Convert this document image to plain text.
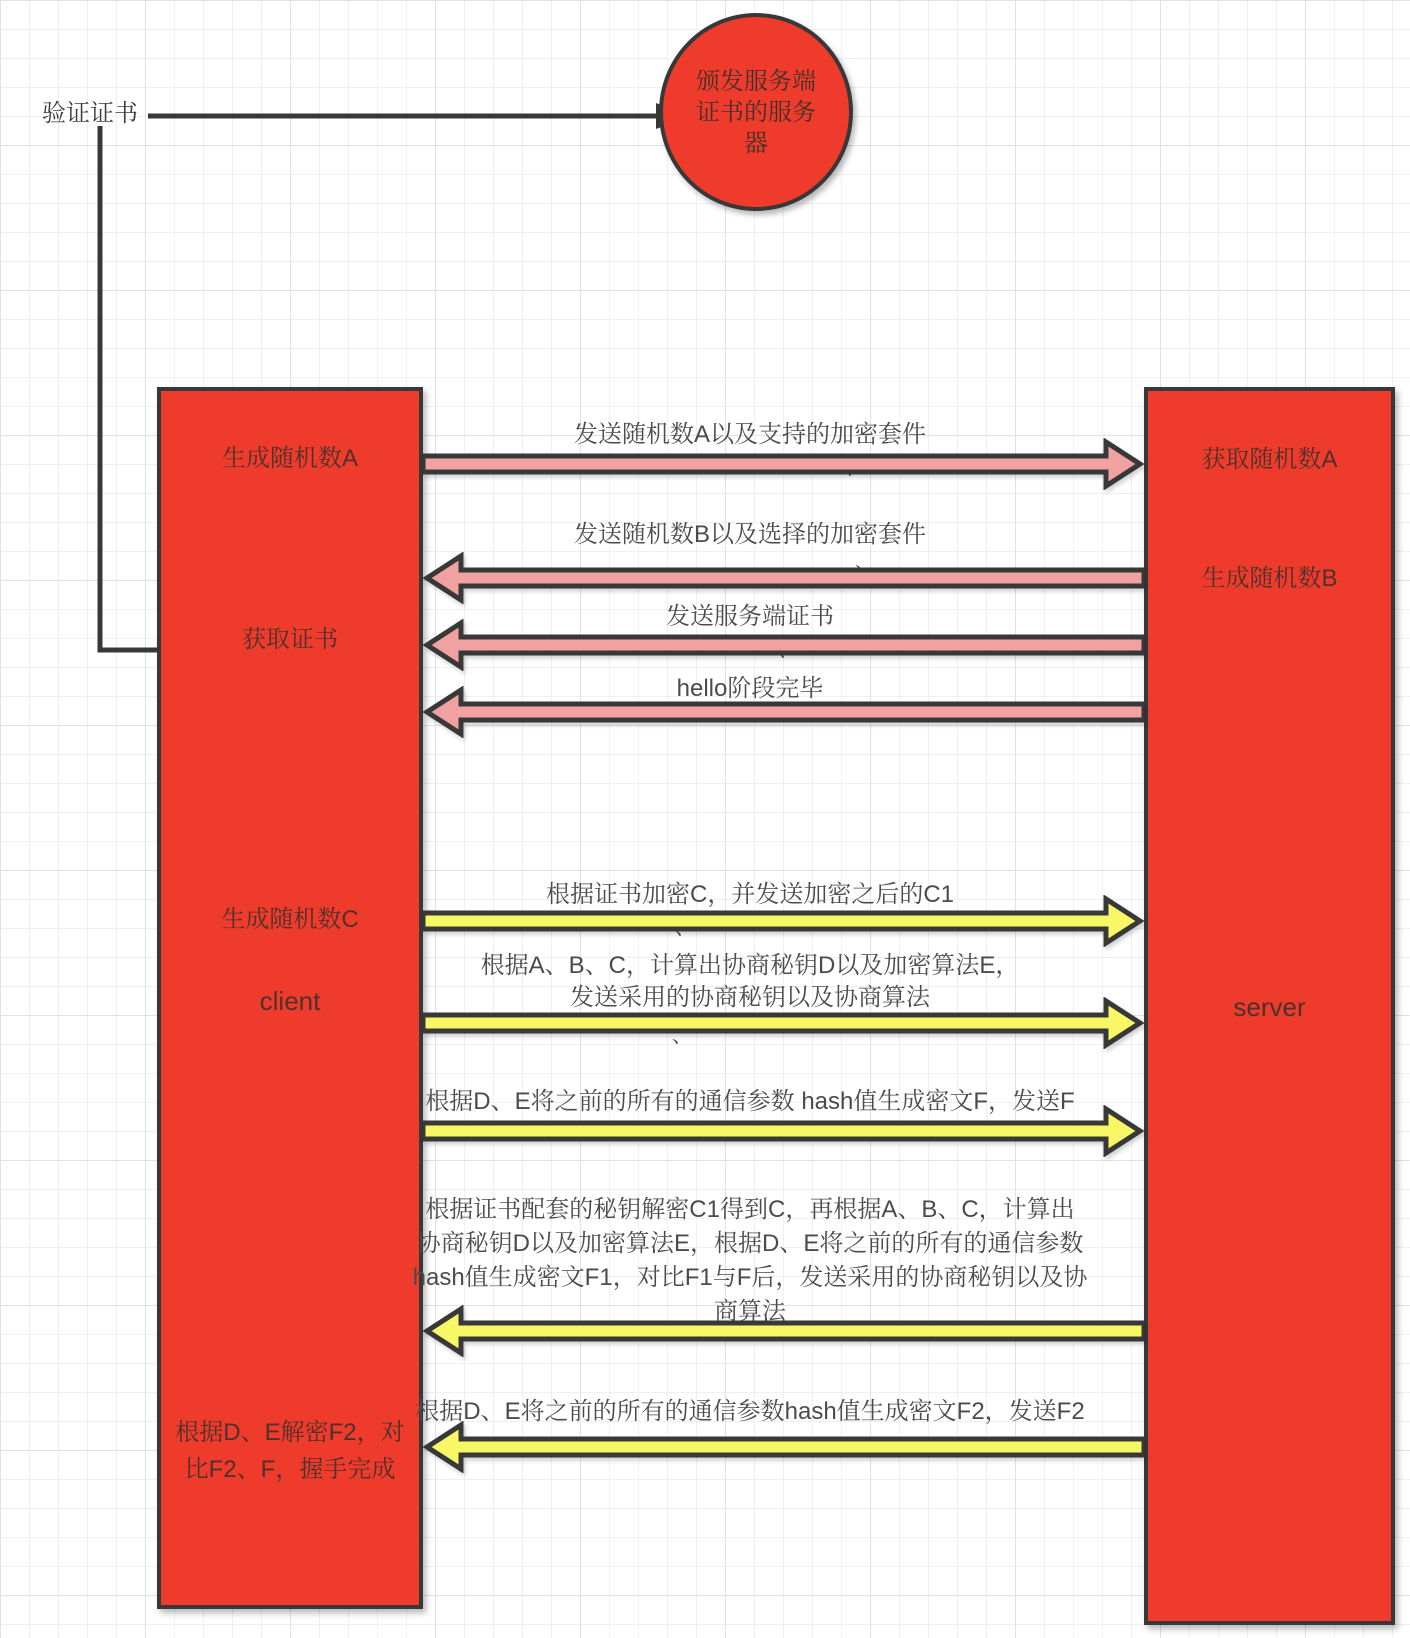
验证证书
颁发服务端
证书的服务
器
生成随机数A
获取证书
生成随机数C
client
根据D、E解密F2，对
比F2、F，握手完成
获取随机数A
生成随机数B
server
发送随机数A以及支持的加密套件
发送随机数B以及选择的加密套件
、
发送服务端证书
hello阶段完毕
根据证书加密C，并发送加密之后的C1
根据A、B、C，计算出协商秘钥D以及加密算法E，
发送采用的协商秘钥以及协商算法
、
根据D、E将之前的所有的通信参数 hash值生成密文F，发送F
根据证书配套的秘钥解密C1得到C，再根据A、B、C，计算出
协商秘钥D以及加密算法E，根据D、E将之前的所有的通信参数
hash值生成密文F1，对比F1与F后，发送采用的协商秘钥以及协
商算法
根据D、E将之前的所有的通信参数hash值生成密文F2，发送F2
